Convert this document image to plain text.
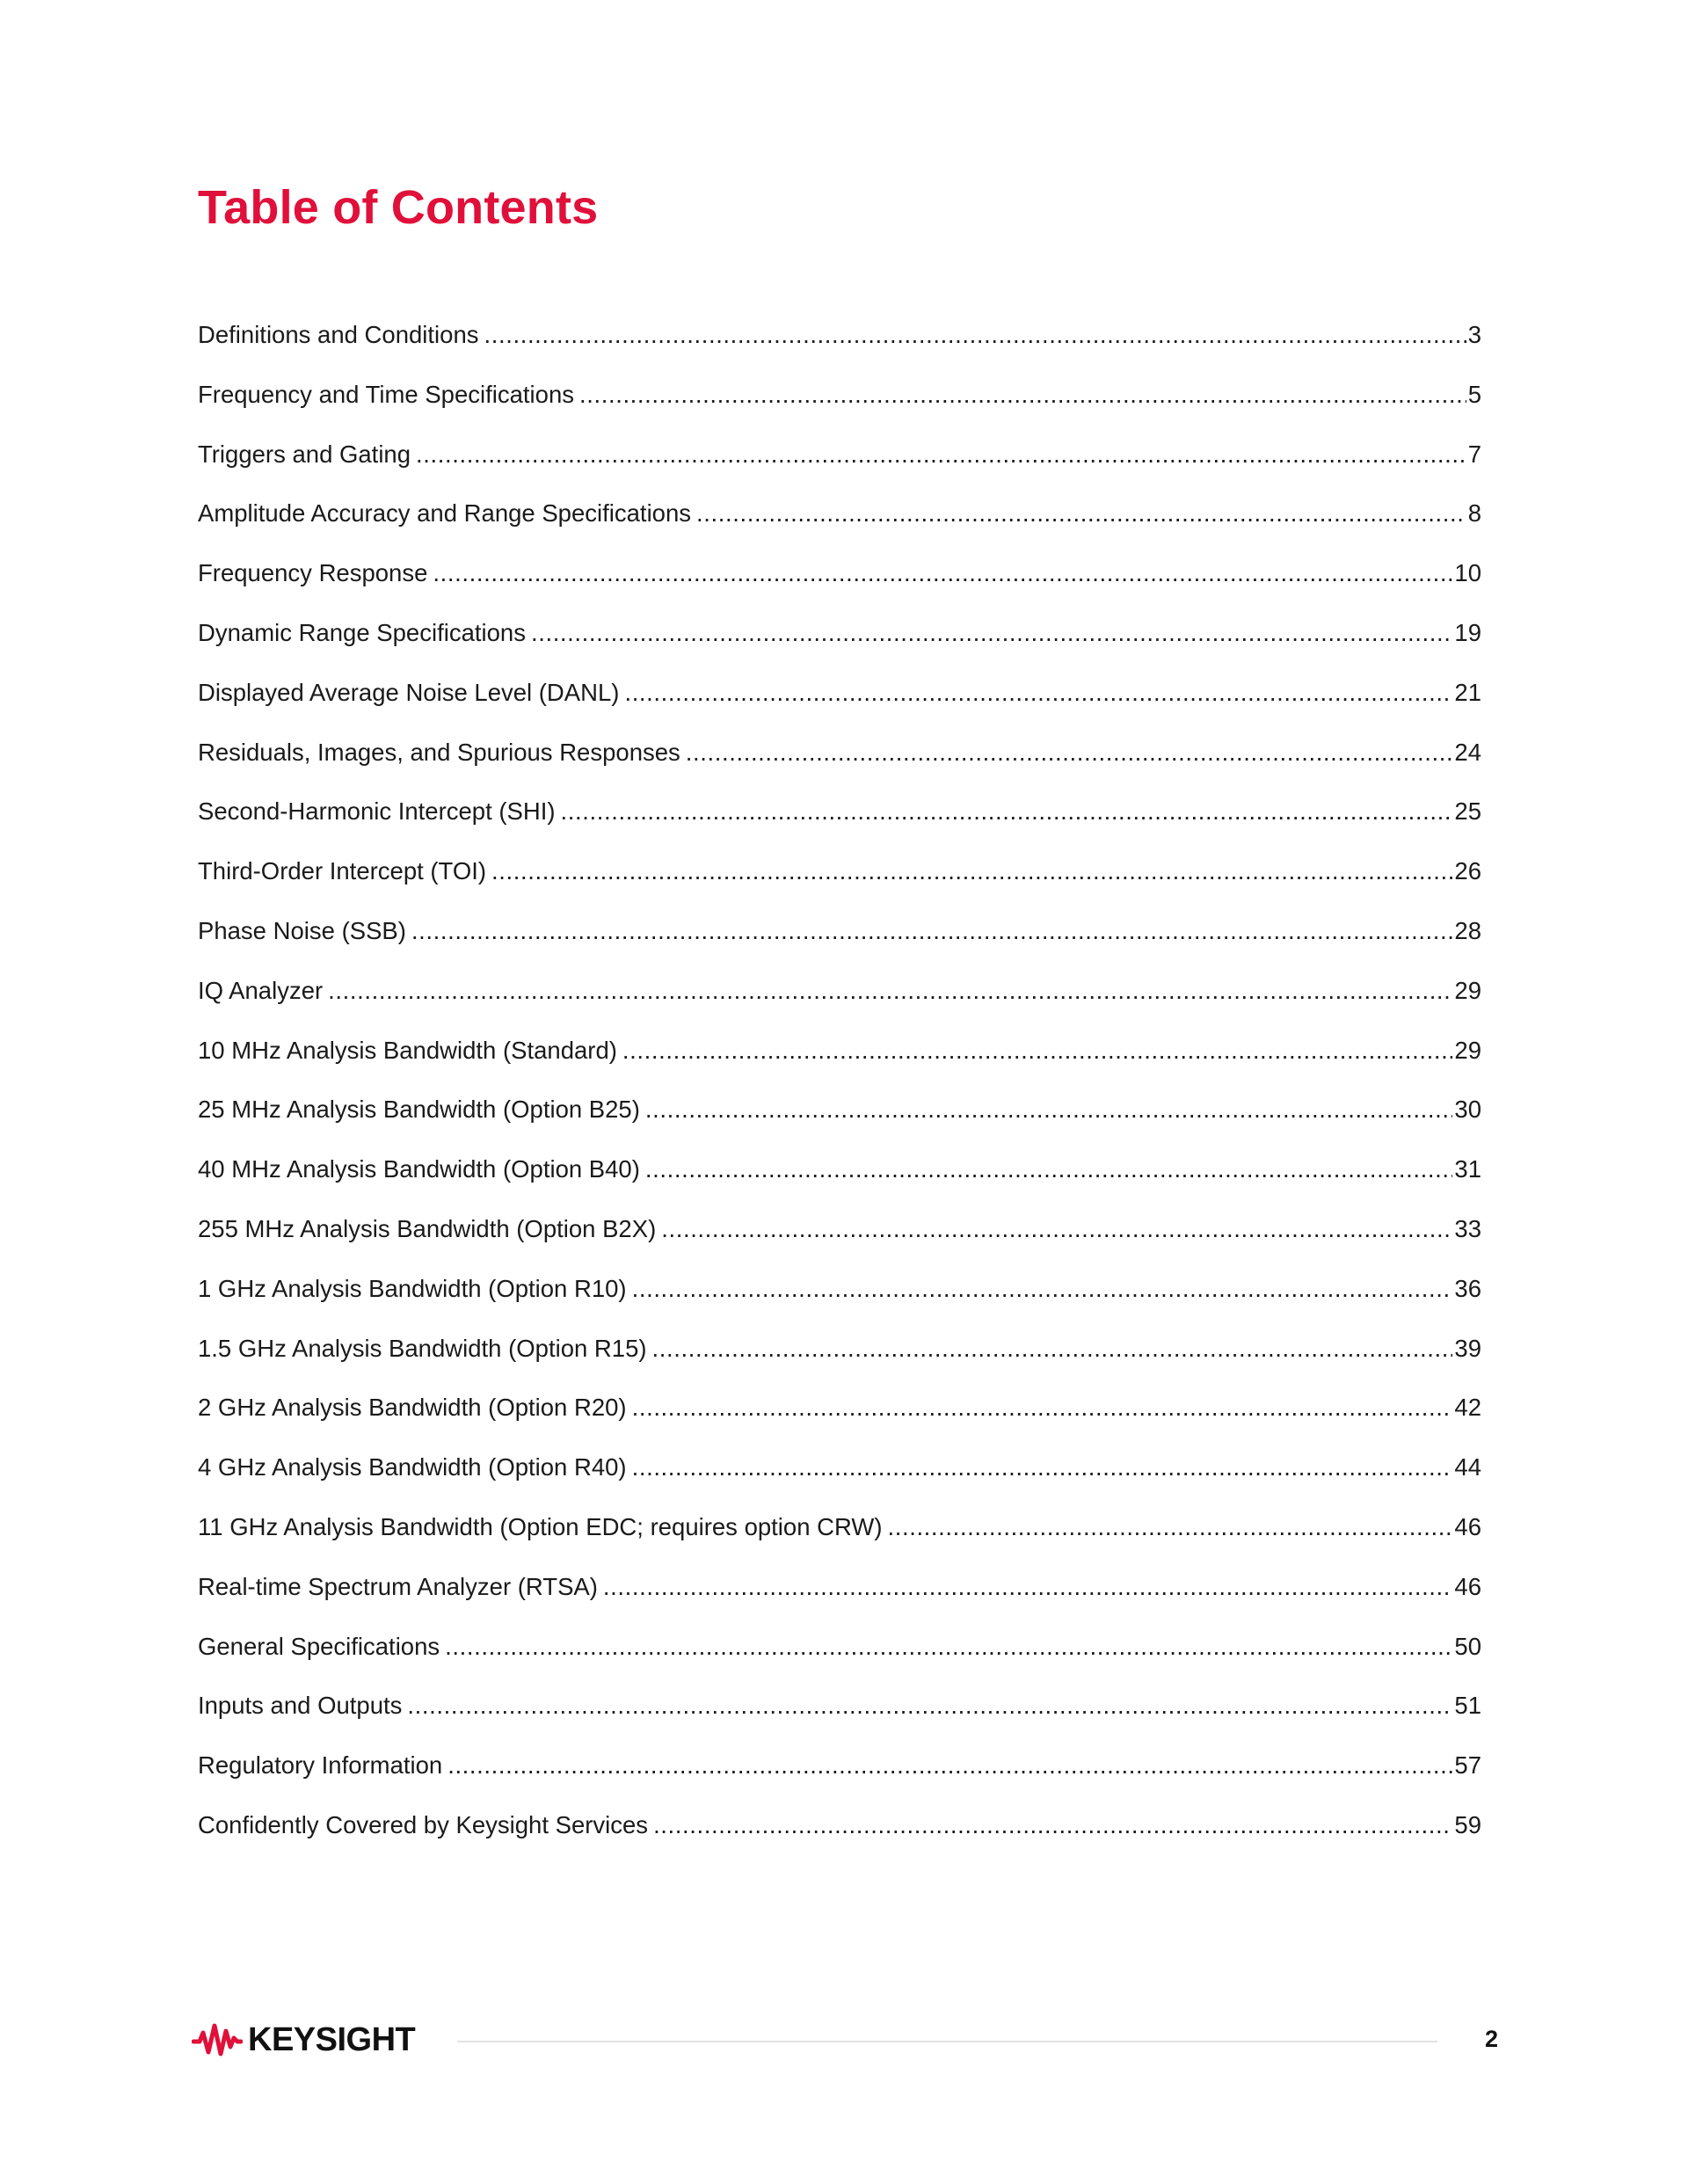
Table of Contents
Definitions and Conditions .....	3
Frequency and Time Specifications .....	5
Triggers and Gating .....	7
Amplitude Accuracy and Range Specifications .....	8
Frequency Response .....	10
Dynamic Range Specifications .....	19
Displayed Average Noise Level (DANL) .....	21
Residuals, Images, and Spurious Responses .....	24
Second-Harmonic Intercept (SHI) .....	25
Third-Order Intercept (TOI) .....	26
Phase Noise (SSB) .....	28
IQ Analyzer .....	29
10 MHz Analysis Bandwidth (Standard) .....	29
25 MHz Analysis Bandwidth (Option B25) .....	30
40 MHz Analysis Bandwidth (Option B40) .....	31
255 MHz Analysis Bandwidth (Option B2X) .....	33
1 GHz Analysis Bandwidth (Option R10) .....	36
1.5 GHz Analysis Bandwidth (Option R15) .....	39
2 GHz Analysis Bandwidth (Option R20) .....	42
4 GHz Analysis Bandwidth (Option R40) .....	44
11 GHz Analysis Bandwidth (Option EDC; requires option CRW) .....	46
Real-time Spectrum Analyzer (RTSA) .....	46
General Specifications .....	50
Inputs and Outputs .....	51
Regulatory Information .....	57
Confidently Covered by Keysight Services .....	59
KEYSIGHT	2
